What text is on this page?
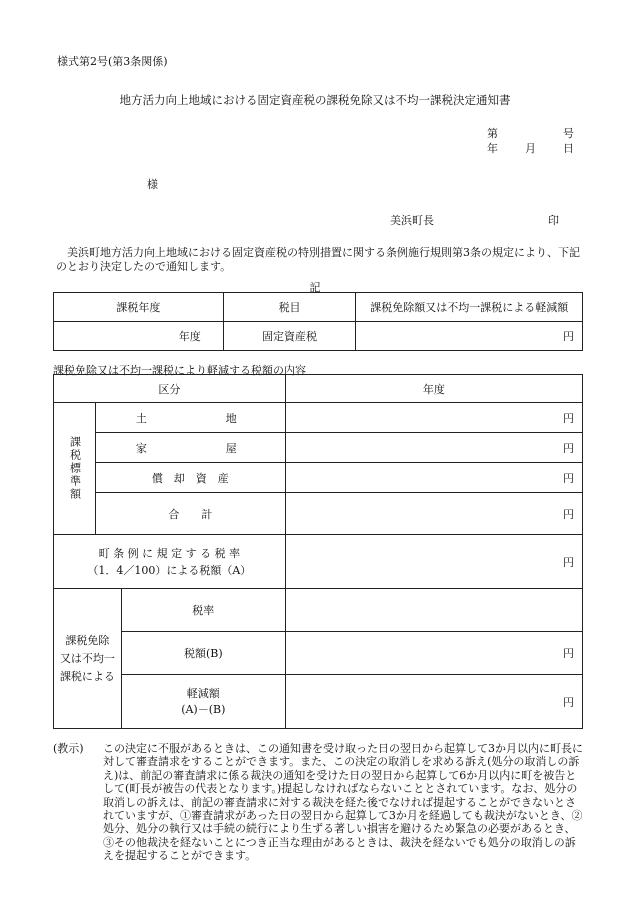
様式第2号(第3条関係)
地方活力向上地域における固定資産税の課税免除又は不均一課税決定通知書
第	号
年 月 日
様
美浜町長	印

美浜町地方活力向上地域における固定資産税の特別措置に関する条例施行規則第3条の規定により、下記のとおり決定したので通知します。

記
課税年度	税目	課税免除額又は不均一課税による軽減額
年度	固定資産税	円
課税免除又は不均一課税により軽減する税額の内容
区分			年度

課税標準額	土 地		円

	家 屋		円
	償　却　資　産		円
	合　　計		円

町 条 例 に 規 定 す る 税 率
（1．4／100）による税額（A）			円

課税免除
又は不均一
課税による		税率	
		税額(B)	円

		軽減額
(A)－(B)	円
(教示) この決定に不服があるときは、この通知書を受け取った日の翌日から起算して3か月以内に町長に対して審査請求をすることができます。また、この決定の取消しを求める訴え(処分の取消しの訴え)は、前記の審査請求に係る裁決の通知を受けた日の翌日から起算して6か月以内に町を被告として(町長が被告の代表となります。)提起しなければならないこととされています。なお、処分の取消しの訴えは、前記の審査請求に対する裁決を経た後でなければ提起することができないとされていますが、①審査請求があった日の翌日から起算して3か月を経過しても裁決がないとき、②処分、処分の執行又は手続の続行により生ずる著しい損害を避けるため緊急の必要があるとき、③その他裁決を経ないことにつき正当な理由があるときは、裁決を経ないでも処分の取消しの訴えを提起することができます。
